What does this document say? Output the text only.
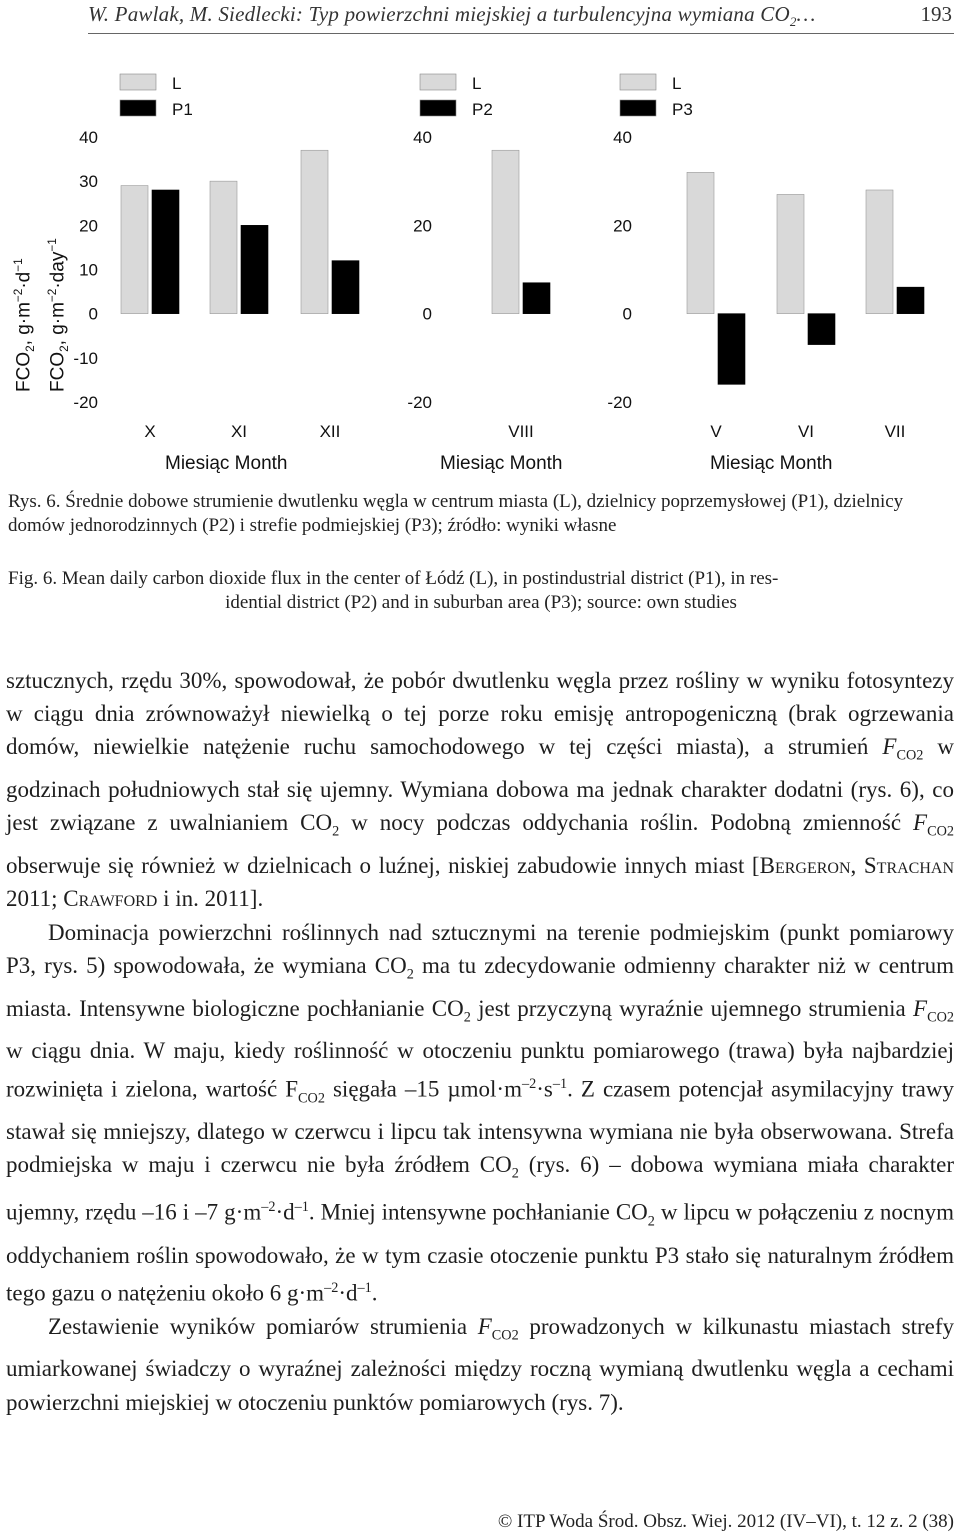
W. Pawlak, M. Siedlecki: Typ powierzchni miejskiej a turbulencyjna wymiana $CO_2\dots$	193
L
P1
-20
-10
0
10
20
30
40
X	XI	XII
L
P2
-20
0
20
40
VIII
L
P3
-20
0
20
40
V	VI	VII
$FCO_2$, $g\cdot m^{-2}\cdot d^{-1}$
$FCO_2$, $g\cdot m^{-2}\cdot day^{-1}$
Miesiąc Month	Miesiąc Month	Miesiąc Month
Rys. 6. Średnie dobowe strumienie dwutlenku węgla w centrum miasta (L), dzielnicy poprzemysłowej (P1), dzielnicy domów jednorodzinnych (P2) i strefie podmiejskiej (P3); źródło: wyniki własne
Fig. 6. Mean daily carbon dioxide flux in the center of Łódź (L), in postindustrial district (P1), in res-
idential district (P2) and in suburban area (P3); source: own studies

sztucznych, rzędu 30%, spowodował, że pobór dwutlenku węgla przez rośliny w wyniku fotosyntezy w ciągu dnia zrównoważył niewielką o tej porze roku emisję antropogeniczną (brak ogrzewania domów, niewielkie natężenie ruchu samochodowego w tej części miasta), a strumień $F_{CO2}$ w godzinach południowych stał się ujemny. Wymiana dobowa ma jednak charakter dodatni (rys. 6), co jest związane z uwalnianiem $CO_2$ w nocy podczas oddychania roślin. Podobną zmienność $F_{CO2}$ obserwuje się również w dzielnicach o luźnej, niskiej zabudowie innych miast [Bergeron, Strachan 2011; Crawford i in. 2011].

Dominacja powierzchni roślinnych nad sztucznymi na terenie podmiejskim (punkt pomiarowy P3, rys. 5) spowodowała, że wymiana $CO_2$ ma tu zdecydowanie odmienny charakter niż w centrum miasta. Intensywne biologiczne pochłanianie $CO_2$ jest przyczyną wyraźnie ujemnego strumienia $F_{CO2}$ w ciągu dnia. W maju, kiedy roślinność w otoczeniu punktu pomiarowego (trawa) była najbardziej rozwinięta i zielona, wartość $F_{CO2}$ sięgała –15 $\mu mol\cdot m^{-2}\cdot s^{-1}$. Z czasem potencjał asymilacyjny trawy stawał się mniejszy, dlatego w czerwcu i lipcu tak intensywna wymiana nie była obserwowana. Strefa podmiejska w maju i czerwcu nie była źródłem $CO_2$ (rys. 6) – dobowa wymiana miała charakter ujemny, rzędu –16 i –7 $g\cdot m^{-2}\cdot d^{-1}$. Mniej intensywne pochłanianie $CO_2$ w lipcu w połączeniu z nocnym oddychaniem roślin spowodowało, że w tym czasie otoczenie punktu P3 stało się naturalnym źródłem tego gazu o natężeniu około 6 $g\cdot m^{-2}\cdot d^{-1}$.

Zestawienie wyników pomiarów strumienia $F_{CO2}$ prowadzonych w kilkunastu miastach strefy umiarkowanej świadczy o wyraźnej zależności między roczną wymianą dwutlenku węgla a cechami powierzchni miejskiej w otoczeniu punktów pomiarowych (rys. 7).

© ITP Woda Środ. Obsz. Wiej. 2012 (IV–VI), t. 12 z. 2 (38)
